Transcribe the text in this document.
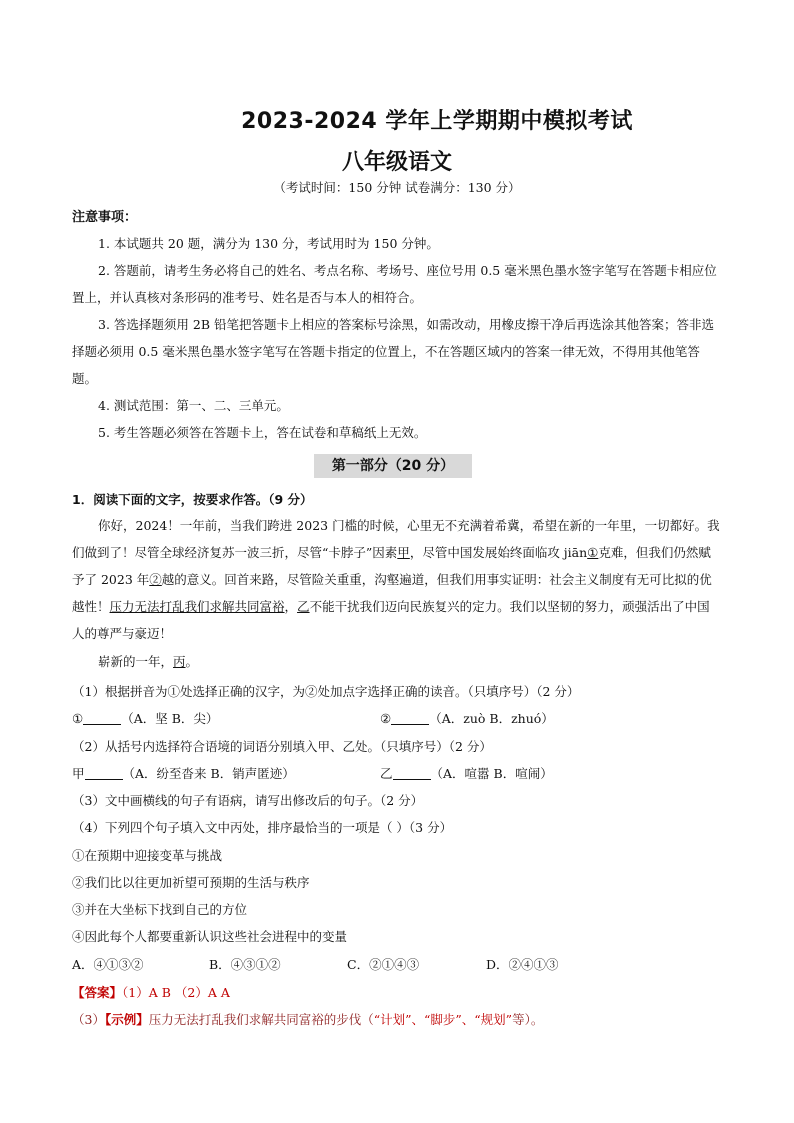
2023-2024 学年上学期期中模拟考试
八年级语文
（考试时间：150 分钟 试卷满分：130 分）
注意事项：
1. 本试题共 20 题，满分为 130 分，考试用时为 150 分钟。
2. 答题前，请考生务必将自己的姓名、考点名称、考场号、座位号用 0.5 毫米黑色墨水签字笔写在答题卡相应位置上，并认真核对条形码的准考号、姓名是否与本人的相符合。
3. 答选择题须用 2B 铅笔把答题卡上相应的答案标号涂黑，如需改动，用橡皮擦干净后再选涂其他答案；答非选择题必须用 0.5 毫米黑色墨水签字笔写在答题卡指定的位置上，不在答题区域内的答案一律无效，不得用其他笔答题。
4. 测试范围：第一、二、三单元。
5. 考生答题必须答在答题卡上，答在试卷和草稿纸上无效。
第一部分（20 分）
1．阅读下面的文字，按要求作答。（9 分）
你好，2024！一年前，当我们跨进 2023 门槛的时候，心里无不充满着希冀，希望在新的一年里，一切都好。我们做到了！尽管全球经济复苏一波三折，尽管“卡脖子”因素甲，尽管中国发展始终面临攻 jiān①克难，但我们仍然赋予了 2023 年②越的意义。回首来路，尽管险关重重，沟壑遍道，但我们用事实证明：社会主义制度有无可比拟的优越性！压力无法打乱我们求解共同富裕，乙不能干扰我们迈向民族复兴的定力。我们以坚韧的努力，顽强活出了中国人的尊严与豪迈！
崭新的一年，丙。
（1）根据拼音为①处选择正确的汉字，为②处加点字选择正确的读音。（只填序号）（2 分）
①	（A．坚 B．尖）	②	（A．zuò B．zhuó）
（2）从括号内选择符合语境的词语分别填入甲、乙处。（只填序号）（2 分）
甲	（A．纷至沓来 B．销声匿迹）	乙	（A．喧嚣 B．喧闹）
（3）文中画横线的句子有语病，请写出修改后的句子。（2 分）
（4）下列四个句子填入文中丙处，排序最恰当的一项是（ ）（3 分）
①在预期中迎接变革与挑战
②我们比以往更加祈望可预期的生活与秩序
③并在大坐标下找到自己的方位
④因此每个人都要重新认识这些社会进程中的变量
A．④①③②	B．④③①②	C．②①④③	D．②④①③
【答案】（1）A B （2）A A
（3）【示例】压力无法打乱我们求解共同富裕的步伐（“计划”、“脚步”、“规划”等）。
